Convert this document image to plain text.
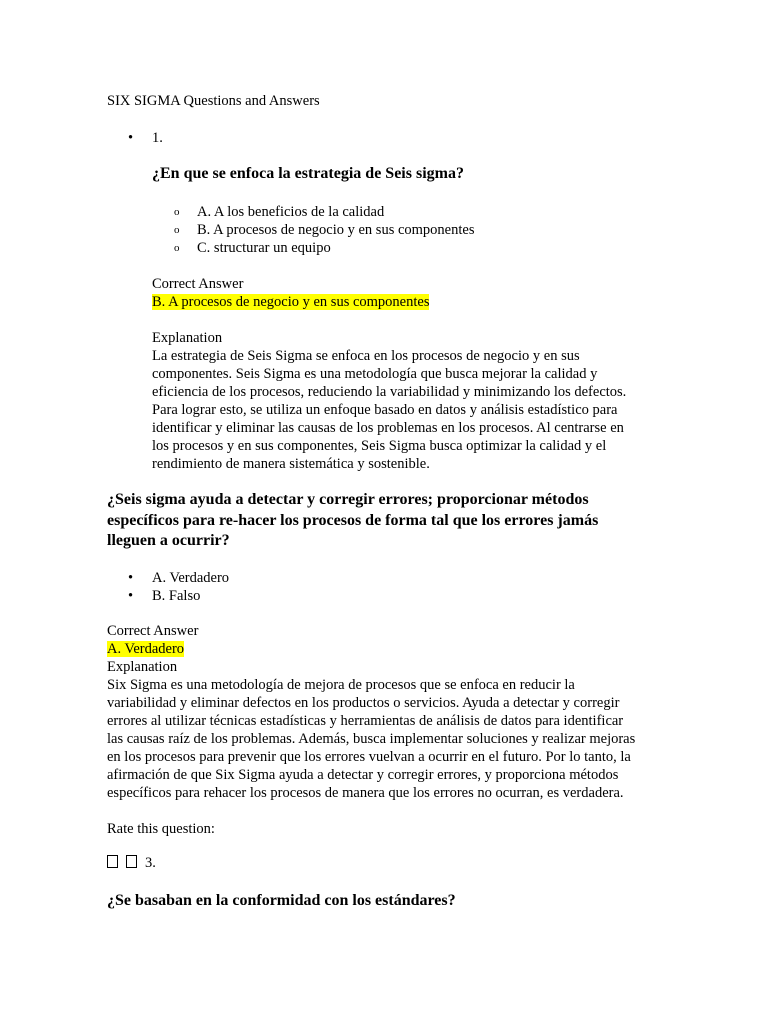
SIX SIGMA Questions and Answers
• 1.
¿En que se enfoca la estrategia de Seis sigma?
o A. A los beneficios de la calidad
o B. A procesos de negocio y en sus componentes
o C. structurar un equipo
Correct Answer
B. A procesos de negocio y en sus componentes
Explanation
La estrategia de Seis Sigma se enfoca en los procesos de negocio y en sus
componentes. Seis Sigma es una metodología que busca mejorar la calidad y
eficiencia de los procesos, reduciendo la variabilidad y minimizando los defectos.
Para lograr esto, se utiliza un enfoque basado en datos y análisis estadístico para
identificar y eliminar las causas de los problemas en los procesos. Al centrarse en
los procesos y en sus componentes, Seis Sigma busca optimizar la calidad y el
rendimiento de manera sistemática y sostenible.
¿Seis sigma ayuda a detectar y corregir errores; proporcionar métodos
específicos para re-hacer los procesos de forma tal que los errores jamás
lleguen a ocurrir?
• A. Verdadero
• B. Falso
Correct Answer
A. Verdadero
Explanation
Six Sigma es una metodología de mejora de procesos que se enfoca en reducir la
variabilidad y eliminar defectos en los productos o servicios. Ayuda a detectar y corregir
errores al utilizar técnicas estadísticas y herramientas de análisis de datos para identificar
las causas raíz de los problemas. Además, busca implementar soluciones y realizar mejoras
en los procesos para prevenir que los errores vuelvan a ocurrir en el futuro. Por lo tanto, la
afirmación de que Six Sigma ayuda a detectar y corregir errores, y proporciona métodos
específicos para rehacer los procesos de manera que los errores no ocurran, es verdadera.
Rate this question:
3.
¿Se basaban en la conformidad con los estándares?
